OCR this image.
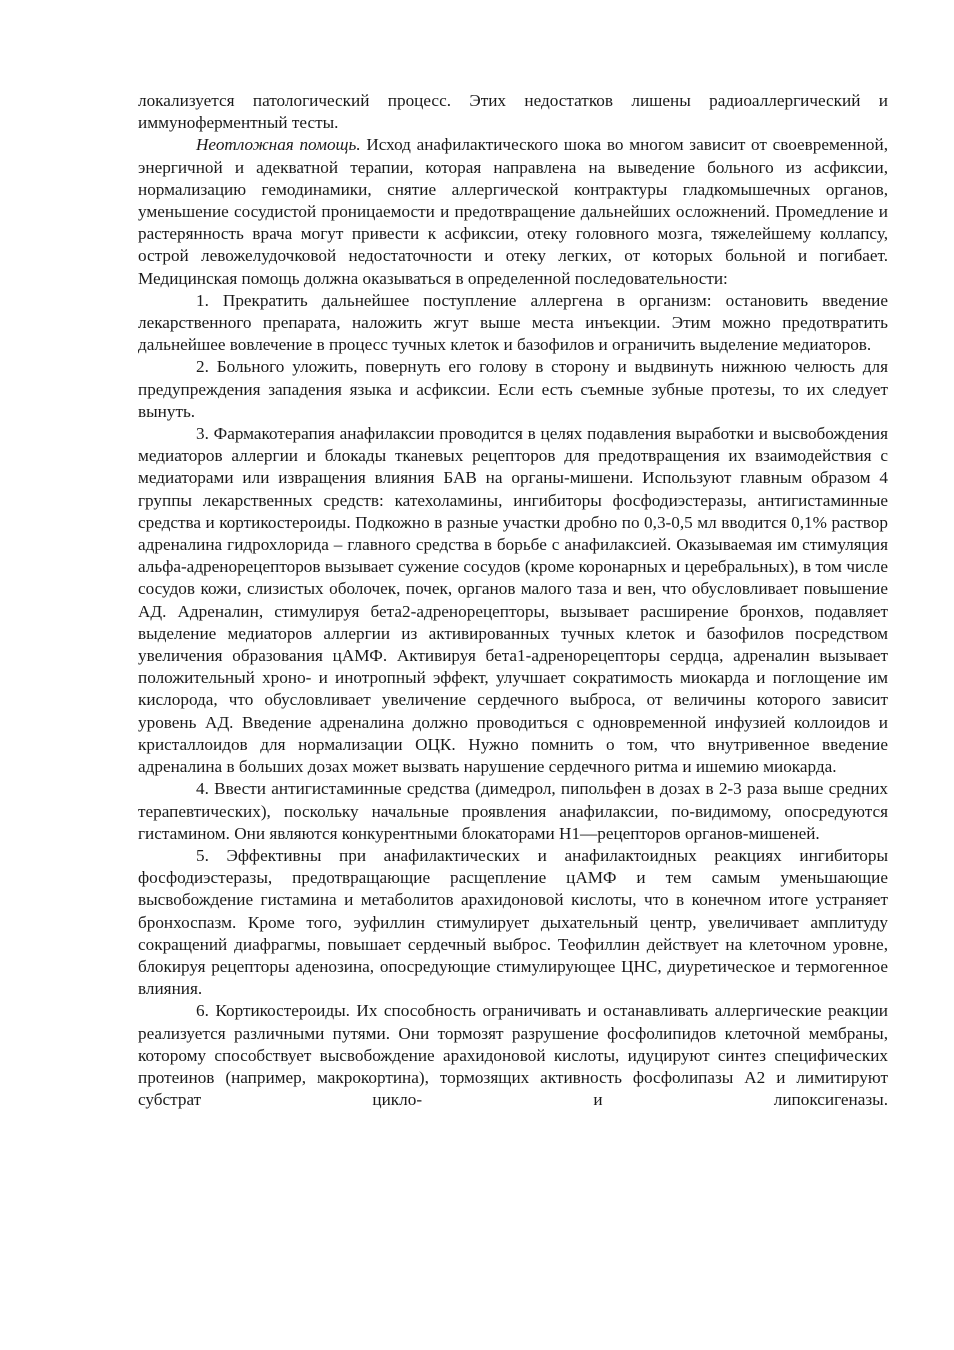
локализуется патологический процесс. Этих недостатков лишены радиоаллергический и иммуноферментный тесты.

Неотложная помощь. Исход анафилактического шока во многом зависит от своевременной, энергичной и адекватной терапии, которая направлена на выведение больного из асфиксии, нормализацию гемодинамики, снятие аллергической контрактуры гладкомышечных органов, уменьшение сосудистой проницаемости и предотвращение дальнейших осложнений. Промедление и растерянность врача могут привести к асфиксии, отеку головного мозга, тяжелейшему коллапсу, острой левожелудочковой недостаточности и отеку легких, от которых больной и погибает. Медицинская помощь должна оказываться в определенной последовательности:

1. Прекратить дальнейшее поступление аллергена в организм: остановить введение лекарственного препарата, наложить жгут выше места инъекции. Этим можно предотвратить дальнейшее вовлечение в процесс тучных клеток и базофилов и ограничить выделение медиаторов.

2. Больного уложить, повернуть его голову в сторону и выдвинуть нижнюю челюсть для предупреждения западения языка и асфиксии. Если есть съемные зубные протезы, то их следует вынуть.

3. Фармакотерапия анафилаксии проводится в целях подавления выработки и высвобождения медиаторов аллергии и блокады тканевых рецепторов для предотвращения их взаимодействия с медиаторами или извращения влияния БАВ на органы-мишени. Используют главным образом 4 группы лекарственных средств: катехоламины, ингибиторы фосфодиэстеразы, антигистаминные средства и кортикостероиды. Подкожно в разные участки дробно по 0,3-0,5 мл вводится 0,1% раствор адреналина гидрохлорида – главного средства в борьбе с анафилаксией. Оказываемая им стимуляция альфа-адренорецепторов вызывает сужение сосудов (кроме коронарных и церебральных), в том числе сосудов кожи, слизистых оболочек, почек, органов малого таза и вен, что обусловливает повышение АД. Адреналин, стимулируя бета2-адренорецепторы, вызывает расширение бронхов, подавляет выделение медиаторов аллергии из активированных тучных клеток и базофилов посредством увеличения образования цАМФ. Активируя бета1-адренорецепторы сердца, адреналин вызывает положительный хроно- и инотропный эффект, улучшает сократимость миокарда и поглощение им кислорода, что обусловливает увеличение сердечного выброса, от величины которого зависит уровень АД. Введение адреналина должно проводиться с одновременной инфузией коллоидов и кристаллоидов для нормализации ОЦК. Нужно помнить о том, что внутривенное введение адреналина в больших дозах может вызвать нарушение сердечного ритма и ишемию миокарда.

4. Ввести антигистаминные средства (димедрол, пипольфен в дозах в 2-3 раза выше средних терапевтических), поскольку начальные проявления анафилаксии, по-видимому, опосредуются гистамином. Они являются конкурентными блокаторами H1—рецепторов органов-мишеней.

5. Эффективны при анафилактических и анафилактоидных реакциях ингибиторы фосфодиэстеразы, предотвращающие расщепление цАМФ и тем самым уменьшающие высвобождение гистамина и метаболитов арахидоновой кислоты, что в конечном итоге устраняет бронхоспазм. Кроме того, эуфиллин стимулирует дыхательный центр, увеличивает амплитуду сокращений диафрагмы, повышает сердечный выброс. Теофиллин действует на клеточном уровне, блокируя рецепторы аденозина, опосредующие стимулирующее ЦНС, диуретическое и термогенное влияния.

6. Кортикостероиды. Их способность ограничивать и останавливать аллергические реакции реализуется различными путями. Они тормозят разрушение фосфолипидов клеточной мембраны, которому способствует высвобождение арахидоновой кислоты, идуцируют синтез специфических протеинов (например, макрокортина), тормозящих активность фосфолипазы А2 и лимитируют субстрат цикло- и липоксигеназы.
